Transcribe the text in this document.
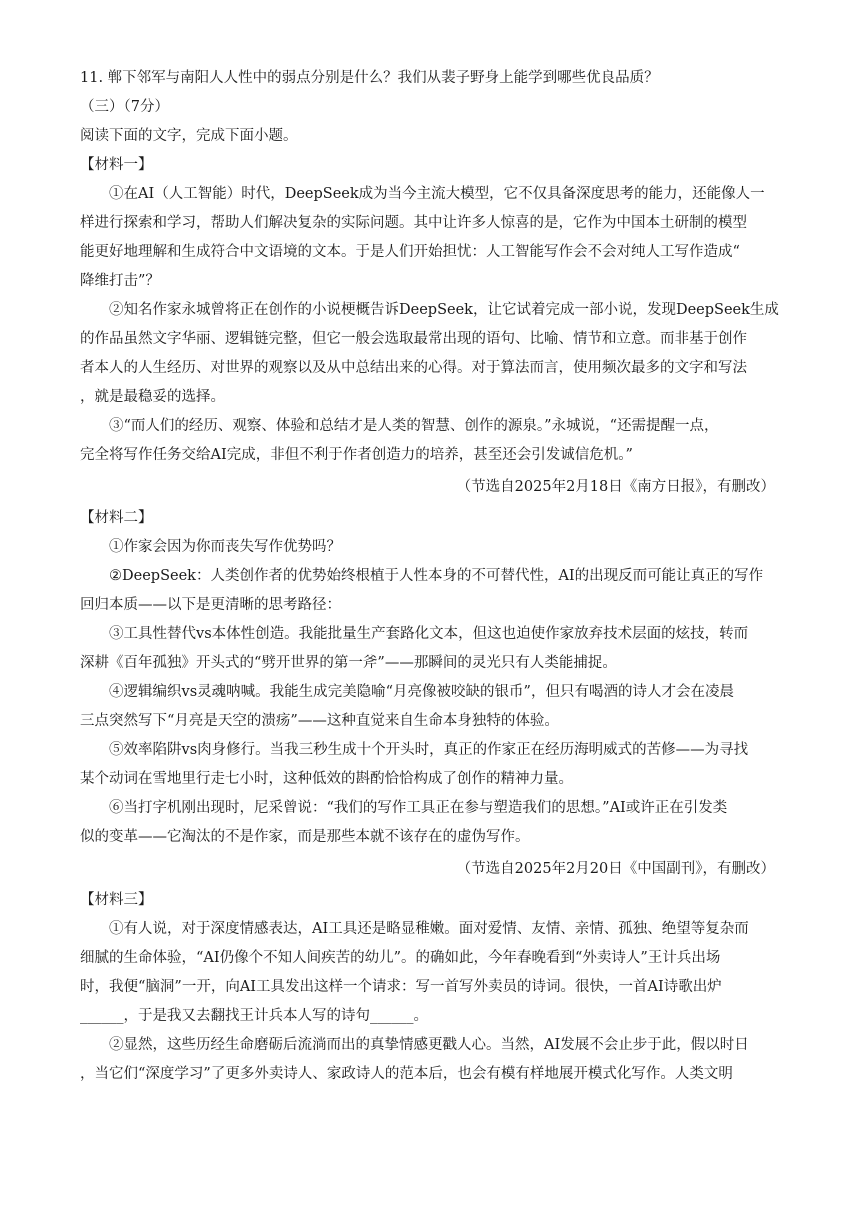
11. 郸下邻军与南阳人人性中的弱点分别是什么？我们从裴子野身上能学到哪些优良品质？
（三）（7分）
阅读下面的文字，完成下面小题。
【材料一】
①在AI（人工智能）时代，DeepSeek成为当今主流大模型，它不仅具备深度思考的能力，还能像人一
样进行探索和学习，帮助人们解决复杂的实际问题。其中让许多人惊喜的是，它作为中国本土研制的模型
能更好地理解和生成符合中文语境的文本。于是人们开始担忧：人工智能写作会不会对纯人工写作造成“
降维打击”？
②知名作家永城曾将正在创作的小说梗概告诉DeepSeek，让它试着完成一部小说，发现DeepSeek生成
的作品虽然文字华丽、逻辑链完整，但它一般会选取最常出现的语句、比喻、情节和立意。而非基于创作
者本人的人生经历、对世界的观察以及从中总结出来的心得。对于算法而言，使用频次最多的文字和写法
，就是最稳妥的选择。
③“而人们的经历、观察、体验和总结才是人类的智慧、创作的源泉。”永城说，“还需提醒一点，
完全将写作任务交给AI完成，非但不利于作者创造力的培养，甚至还会引发诚信危机。”
（节选自2025年2月18日《南方日报》，有删改）
【材料二】
①作家会因为你而丧失写作优势吗？
②DeepSeek：人类创作者的优势始终根植于人性本身的不可替代性，AI的出现反而可能让真正的写作
回归本质——以下是更清晰的思考路径：
③工具性替代vs本体性创造。我能批量生产套路化文本，但这也迫使作家放弃技术层面的炫技，转而
深耕《百年孤独》开头式的“劈开世界的第一斧”——那瞬间的灵光只有人类能捕捉。
④逻辑编织vs灵魂呐喊。我能生成完美隐喻“月亮像被咬缺的银币”，但只有喝酒的诗人才会在凌晨
三点突然写下“月亮是天空的溃疡”——这种直觉来自生命本身独特的体验。
⑤效率陷阱vs肉身修行。当我三秒生成十个开头时，真正的作家正在经历海明威式的苦修——为寻找
某个动词在雪地里行走七小时，这种低效的斟酌恰恰构成了创作的精神力量。
⑥当打字机刚出现时，尼采曾说：“我们的写作工具正在参与塑造我们的思想。”AI或许正在引发类
似的变革——它淘汰的不是作家，而是那些本就不该存在的虚伪写作。
（节选自2025年2月20日《中国副刊》，有删改）
【材料三】
①有人说，对于深度情感表达，AI工具还是略显稚嫩。面对爱情、友情、亲情、孤独、绝望等复杂而
细腻的生命体验，“AI仍像个不知人间疾苦的幼儿”。的确如此，今年春晚看到“外卖诗人”王计兵出场
时，我便“脑洞”一开，向AI工具发出这样一个请求：写一首写外卖员的诗词。很快，一首AI诗歌出炉
______，于是我又去翻找王计兵本人写的诗句______。
②显然，这些历经生命磨砺后流淌而出的真挚情感更戳人心。当然，AI发展不会止步于此，假以时日
，当它们“深度学习”了更多外卖诗人、家政诗人的范本后，也会有模有样地展开模式化写作。人类文明
